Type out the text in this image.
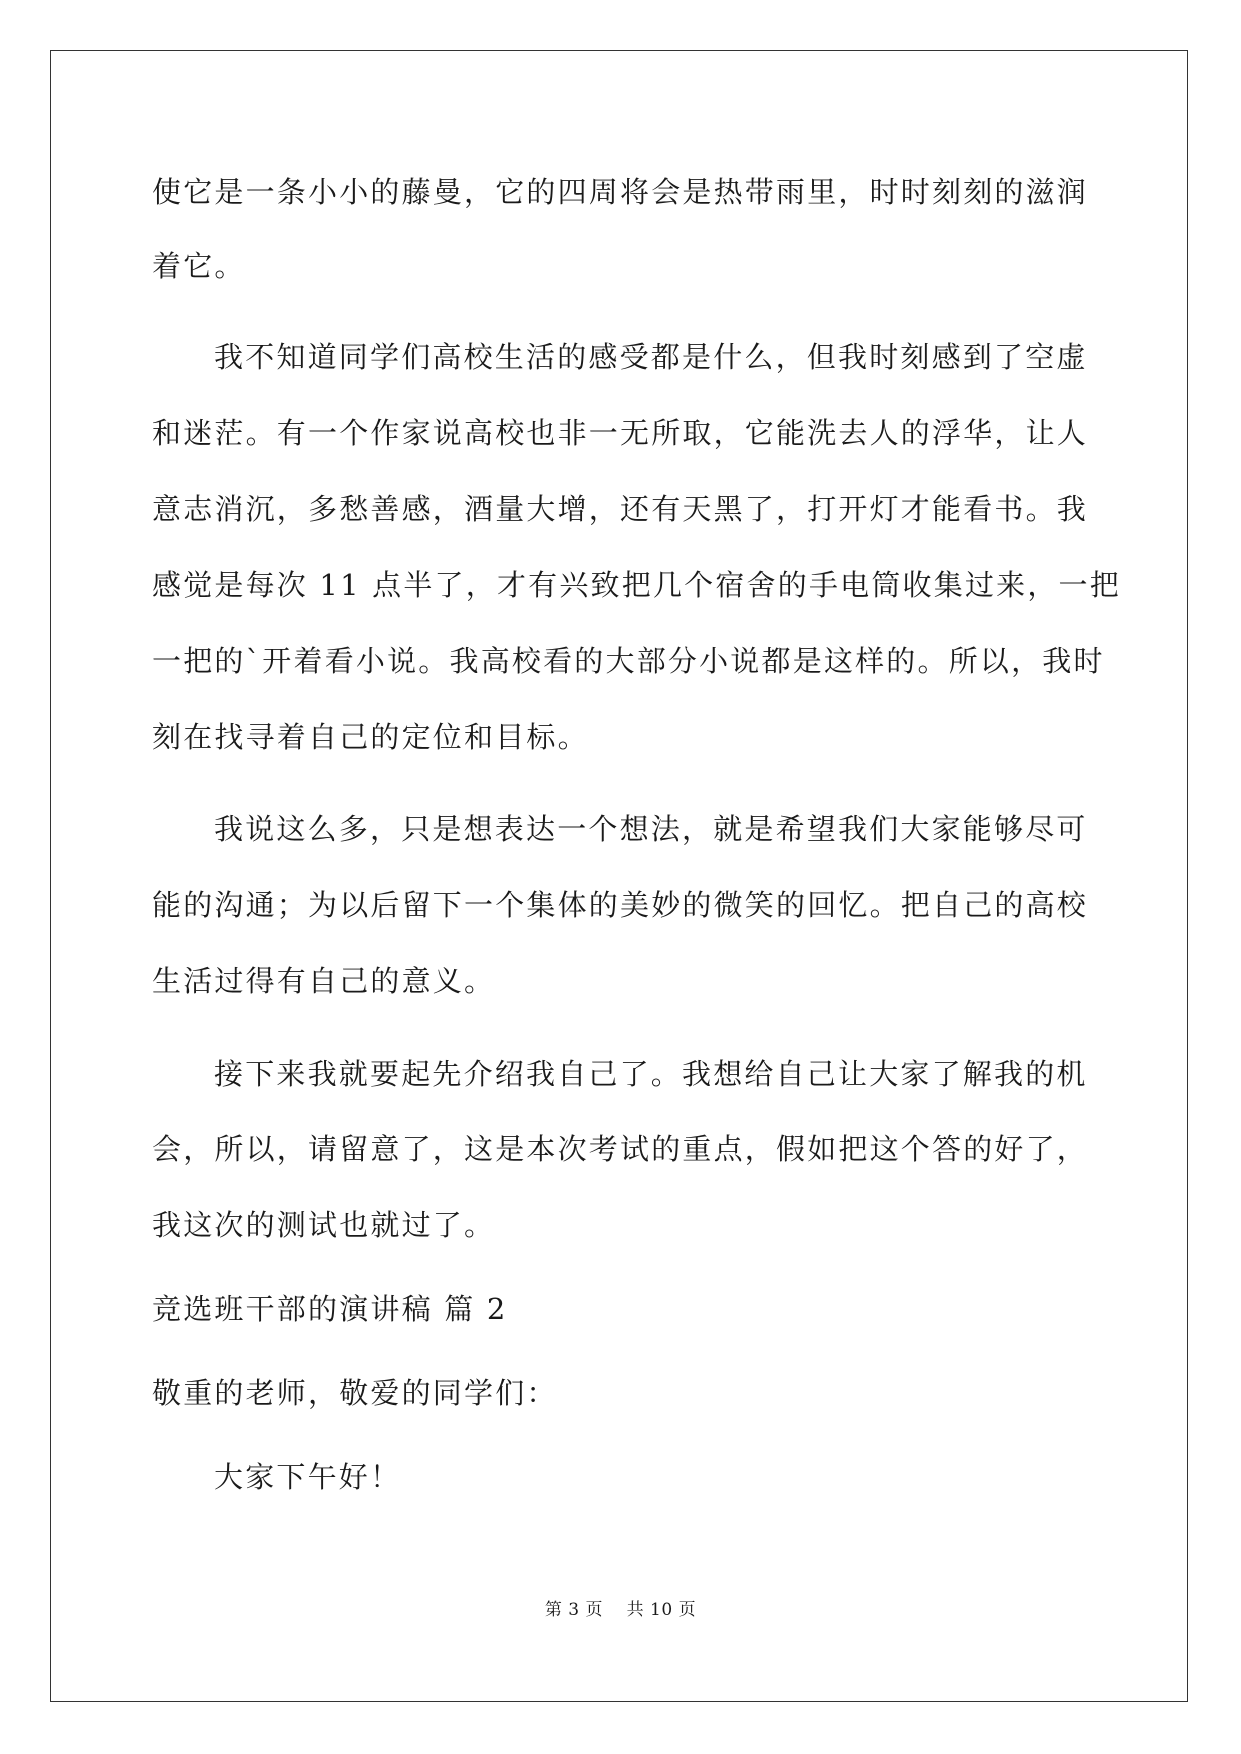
使它是一条小小的藤曼，它的四周将会是热带雨里，时时刻刻的滋润
着它。
我不知道同学们高校生活的感受都是什么，但我时刻感到了空虚
和迷茫。有一个作家说高校也非一无所取，它能洗去人的浮华，让人
意志消沉，多愁善感，酒量大增，还有天黑了，打开灯才能看书。我
感觉是每次 11 点半了，才有兴致把几个宿舍的手电筒收集过来，一把
一把的`开着看小说。我高校看的大部分小说都是这样的。所以，我时
刻在找寻着自己的定位和目标。
我说这么多，只是想表达一个想法，就是希望我们大家能够尽可
能的沟通；为以后留下一个集体的美妙的微笑的回忆。把自己的高校
生活过得有自己的意义。
接下来我就要起先介绍我自己了。我想给自己让大家了解我的机
会，所以，请留意了，这是本次考试的重点，假如把这个答的好了，
我这次的测试也就过了。
竞选班干部的演讲稿 篇 2
敬重的老师，敬爱的同学们：
大家下午好！
第 3 页    共 10 页
